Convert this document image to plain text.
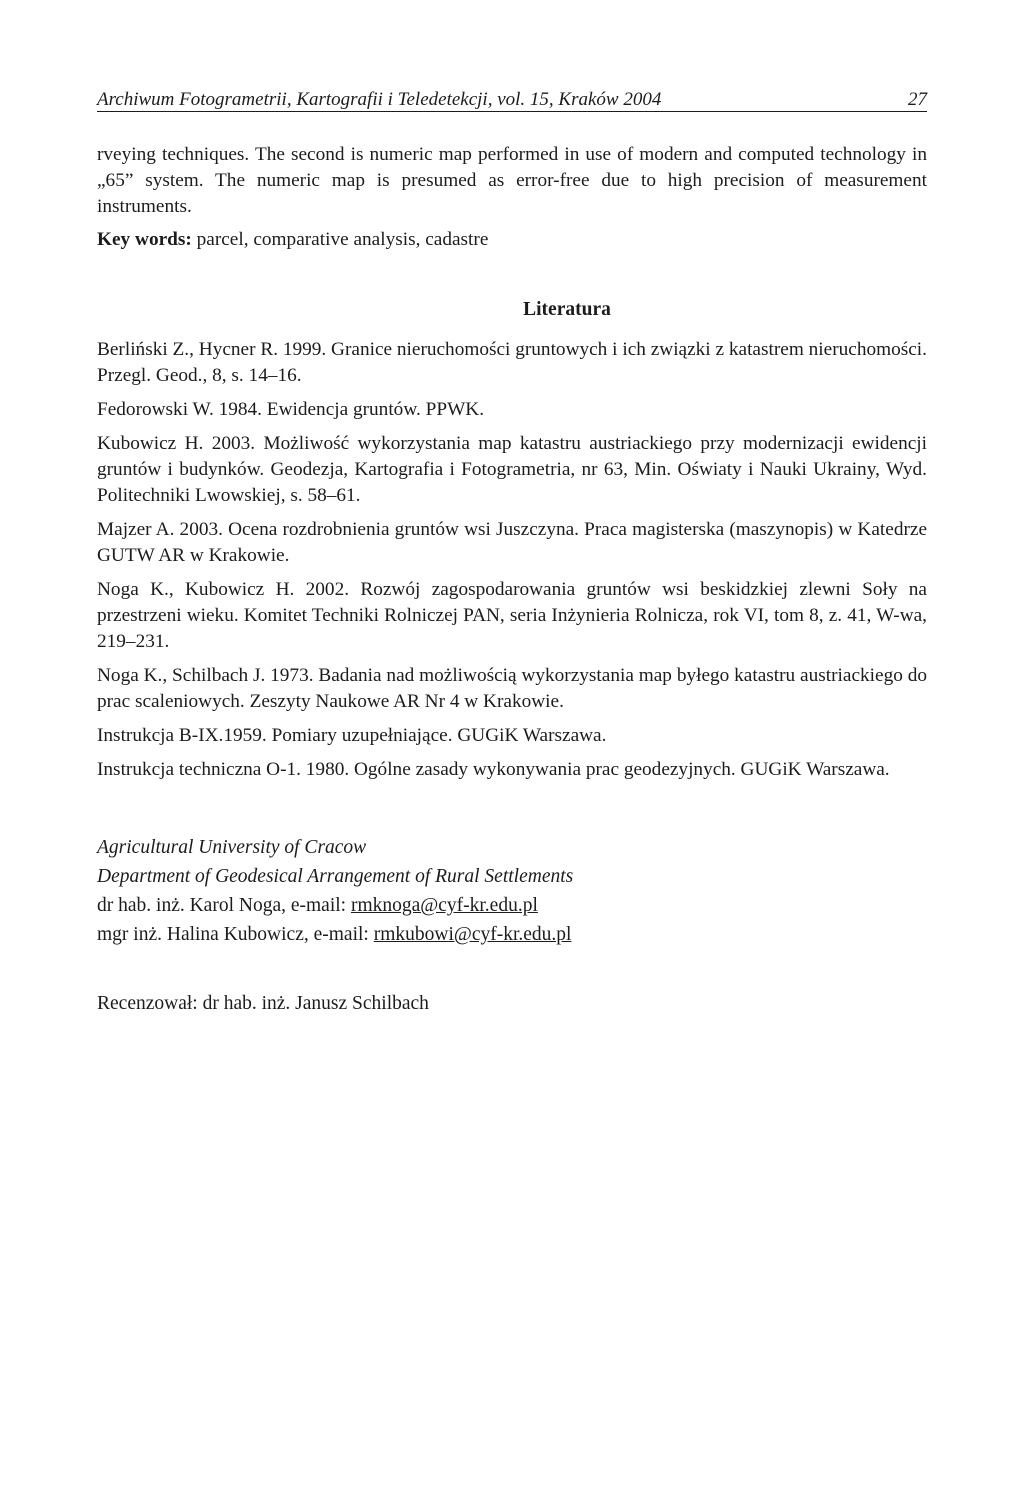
Archiwum Fotogrametrii, Kartografii i Teledetekcji, vol. 15, Kraków 2004	27

rveying techniques. The second is numeric map performed in use of modern and computed technology in „65” system. The numeric map is presumed as error-free due to high precision of measurement instruments.

Key words: parcel, comparative analysis, cadastre
Literatura
Berliński Z., Hycner R. 1999. Granice nieruchomości gruntowych i ich związki z katastrem nieruchomości. Przegl. Geod., 8, s. 14–16.
Fedorowski W. 1984. Ewidencja gruntów. PPWK.
Kubowicz H. 2003. Możliwość wykorzystania map katastru austriackiego przy modernizacji ewidencji gruntów i budynków. Geodezja, Kartografia i Fotogrametria, nr 63, Min. Oświaty i Nauki Ukrainy, Wyd. Politechniki Lwowskiej, s. 58–61.
Majzer A. 2003. Ocena rozdrobnienia gruntów wsi Juszczyna. Praca magisterska (maszynopis) w Katedrze GUTW AR w Krakowie.
Noga K., Kubowicz H. 2002. Rozwój zagospodarowania gruntów wsi beskidzkiej zlewni Soły na przestrzeni wieku. Komitet Techniki Rolniczej PAN, seria Inżynieria Rolnicza, rok VI, tom 8, z. 41, W-wa, 219–231.
Noga K., Schilbach J. 1973. Badania nad możliwością wykorzystania map byłego katastru austriackiego do prac scaleniowych. Zeszyty Naukowe AR Nr 4 w Krakowie.
Instrukcja B-IX.1959. Pomiary uzupełniające. GUGiK Warszawa.
Instrukcja techniczna O-1. 1980. Ogólne zasady wykonywania prac geodezyjnych. GUGiK Warszawa.
Agricultural University of Cracow
Department of Geodesical Arrangement of Rural Settlements
dr hab. inż. Karol Noga, e-mail: rmknoga@cyf-kr.edu.pl
mgr inż. Halina Kubowicz, e-mail: rmkubowi@cyf-kr.edu.pl
Recenzował: dr hab. inż. Janusz Schilbach
